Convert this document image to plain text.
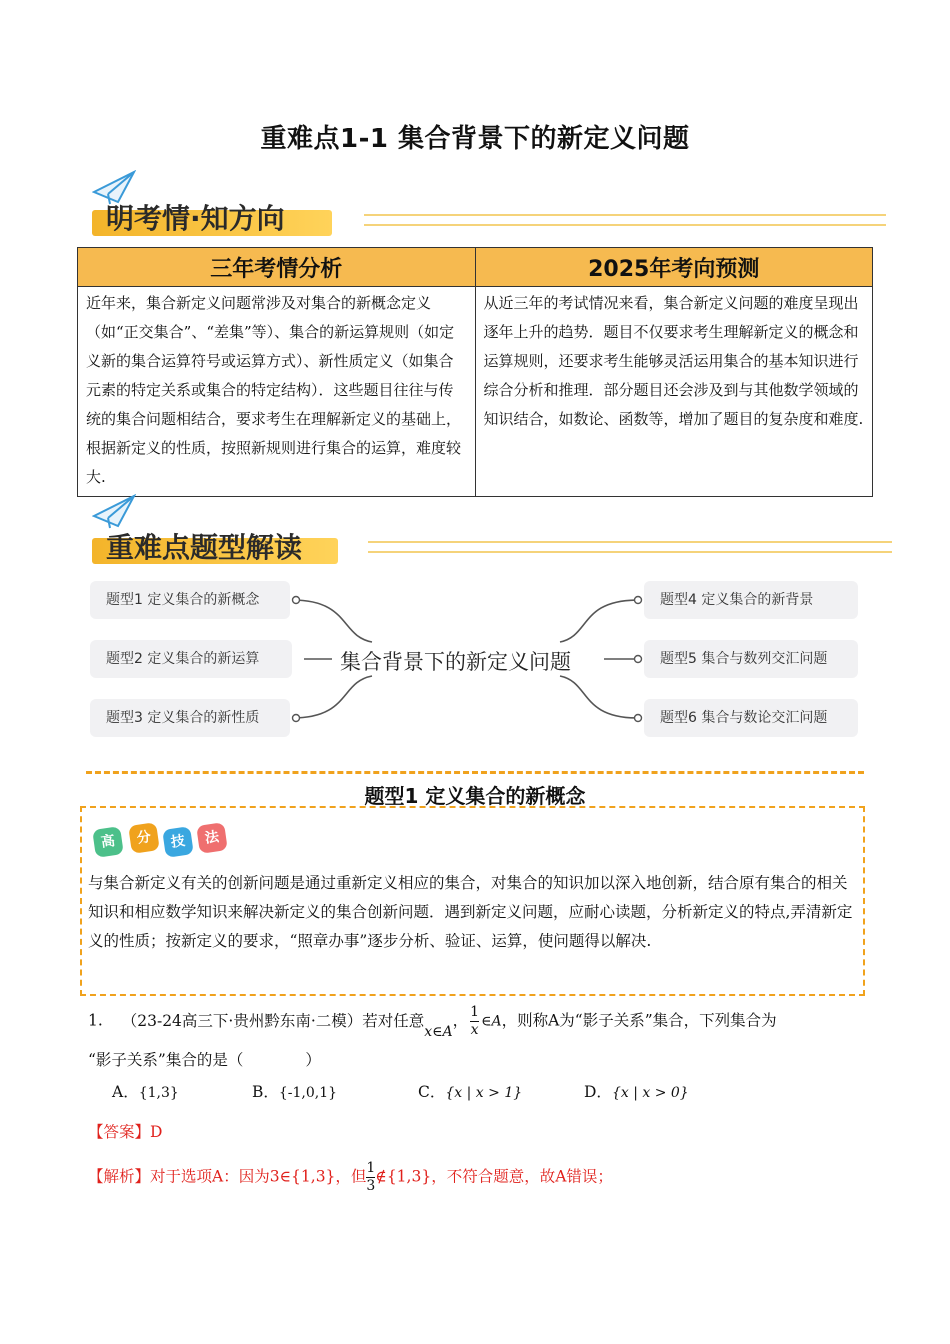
重难点1-1 集合背景下的新定义问题
明考情·知方向
三年考情分析	2025年考向预测
近年来，集合新定义问题常涉及对集合的新概念定义（如“正交集合”、“差集”等）、集合的新运算规则（如定义新的集合运算符号或运算方式）、新性质定义（如集合元素的特定关系或集合的特定结构）．这些题目往往与传统的集合问题相结合，要求考生在理解新定义的基础上，根据新定义的性质，按照新规则进行集合的运算，难度较大.	从近三年的考试情况来看，集合新定义问题的难度呈现出逐年上升的趋势．题目不仅要求考生理解新定义的概念和运算规则，还要求考生能够灵活运用集合的基本知识进行综合分析和推理．部分题目还会涉及到与其他数学领域的知识结合，如数论、函数等，增加了题目的复杂度和难度.
重难点题型解读
题型1 定义集合的新概念
题型2 定义集合的新运算
题型3 定义集合的新性质
集合背景下的新定义问题
题型4 定义集合的新背景
题型5 集合与数列交汇问题
题型6 集合与数论交汇问题
题型1 定义集合的新概念
高	分	技	法
与集合新定义有关的创新问题是通过重新定义相应的集合，对集合的知识加以深入地创新，结合原有集合的相关知识和相应数学知识来解决新定义的集合创新问题．遇到新定义问题，应耐心读题，分析新定义的特点,弄清新定义的性质；按新定义的要求，“照章办事”逐步分析、验证、运算，使问题得以解决.
1. （23-24高三下·贵州黔东南·二模）若对任意x∈A， $\frac{1}{x}$ ∈A，则称A为“影子关系”集合，下列集合为
“影子关系”集合的是（　　　　）
A．{1,3}	B．{-1,0,1}	C．{x | x > 1}	D．{x | x > 0}
【答案】D
【解析】对于选项A：因为3∈{1,3}，但 $\frac{1}{3}$ ∉{1,3}，不符合题意，故A错误；
